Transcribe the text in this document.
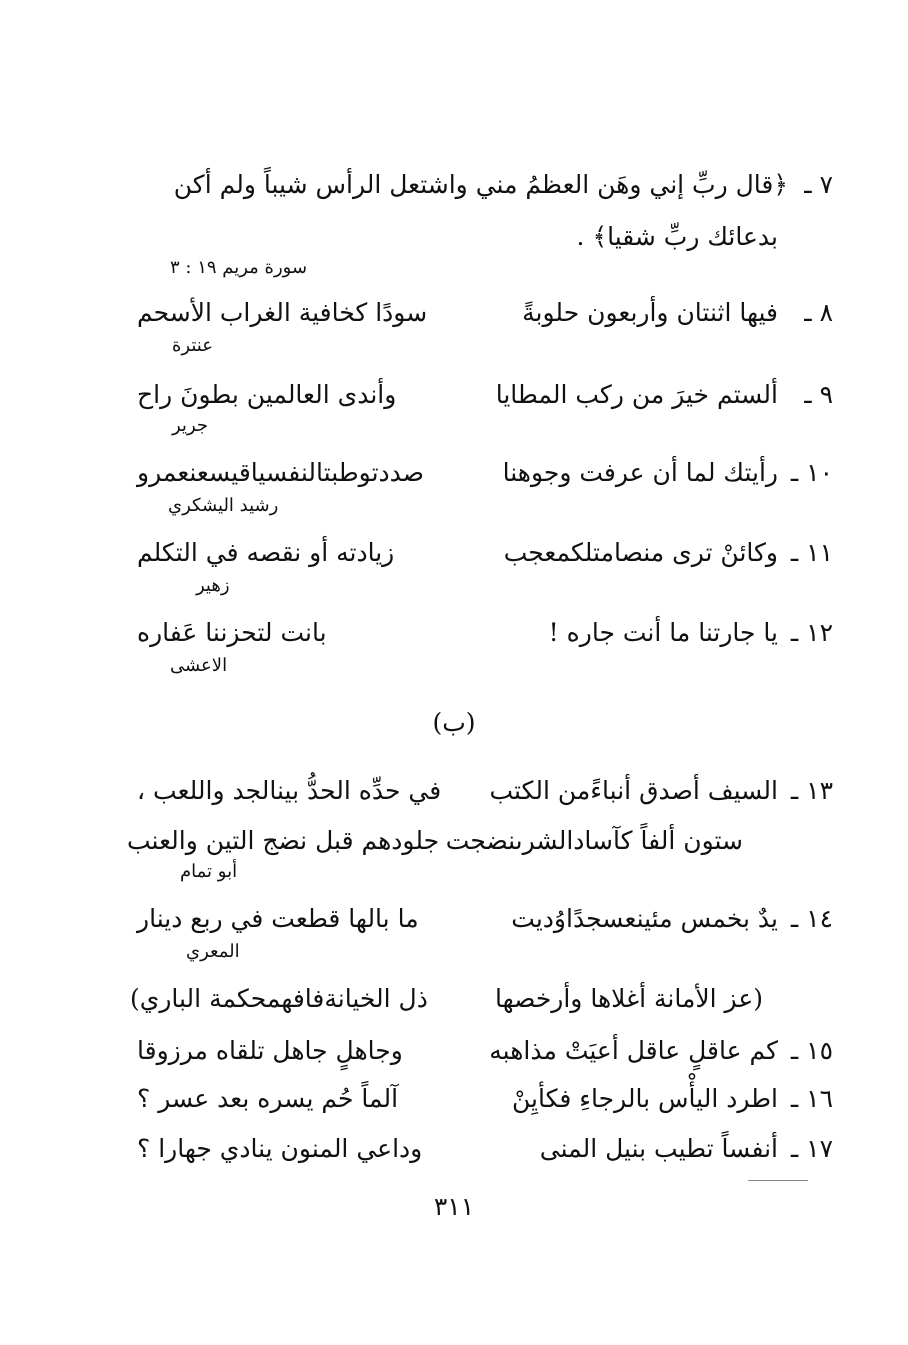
٧ ـ
﴿قال ربِّ إني وهَن العظمُ مني واشتعل الرأس شيباً ولم أكن
بدعائك ربِّ شقيا﴾ .
سورة مريم ١٩ : ٣
٨ ـ
فيها اثنتان وأربعون حلوبةً
سودًا كخافية الغراب الأسحم
عنترة
٩ ـ
ألستم خيرَ من ركب المطايا
وأندى العالمين بطونَ راح
جرير
١٠ ـ
رأيتك لما أن عرفت وجوهنا
صددتوطبتالنفسياقيسعنعمرو
رشيد اليشكري
١١ ـ
وكائنْ ترى منصامتلكمعجب
زيادته أو نقصه في التكلم
زهير
١٢ ـ
يا جارتنا ما أنت جاره !
بانت لتحزننا عَفاره
الاعشى
(ب)
١٣ ـ
السيف أصدق أنباءًمن الكتب
في حدِّه الحدُّ بينالجد واللعب ،
ستون ألفاً كآسادالشرىنضجت
جلودهم قبل نضج التين والعنب
أبو تمام
١٤ ـ
يدٌ بخمس مئينعسجدًاوُديت
ما بالها قطعت في ربع دينار
المعري
(عز الأمانة أغلاها وأرخصها
ذل الخيانةفافهمحكمة الباري)
١٥ ـ
كم عاقلٍ عاقل أعيَتْ مذاهبه
وجاهلٍ جاهل تلقاه مرزوقا
١٦ ـ
اطرد اليأْس بالرجاءِ فكأيِنْ
آلماً حُم يسره بعد عسر ؟
١٧ ـ
أنفساً تطيب بنيل المنى
وداعي المنون ينادي جهارا ؟
٣١١
